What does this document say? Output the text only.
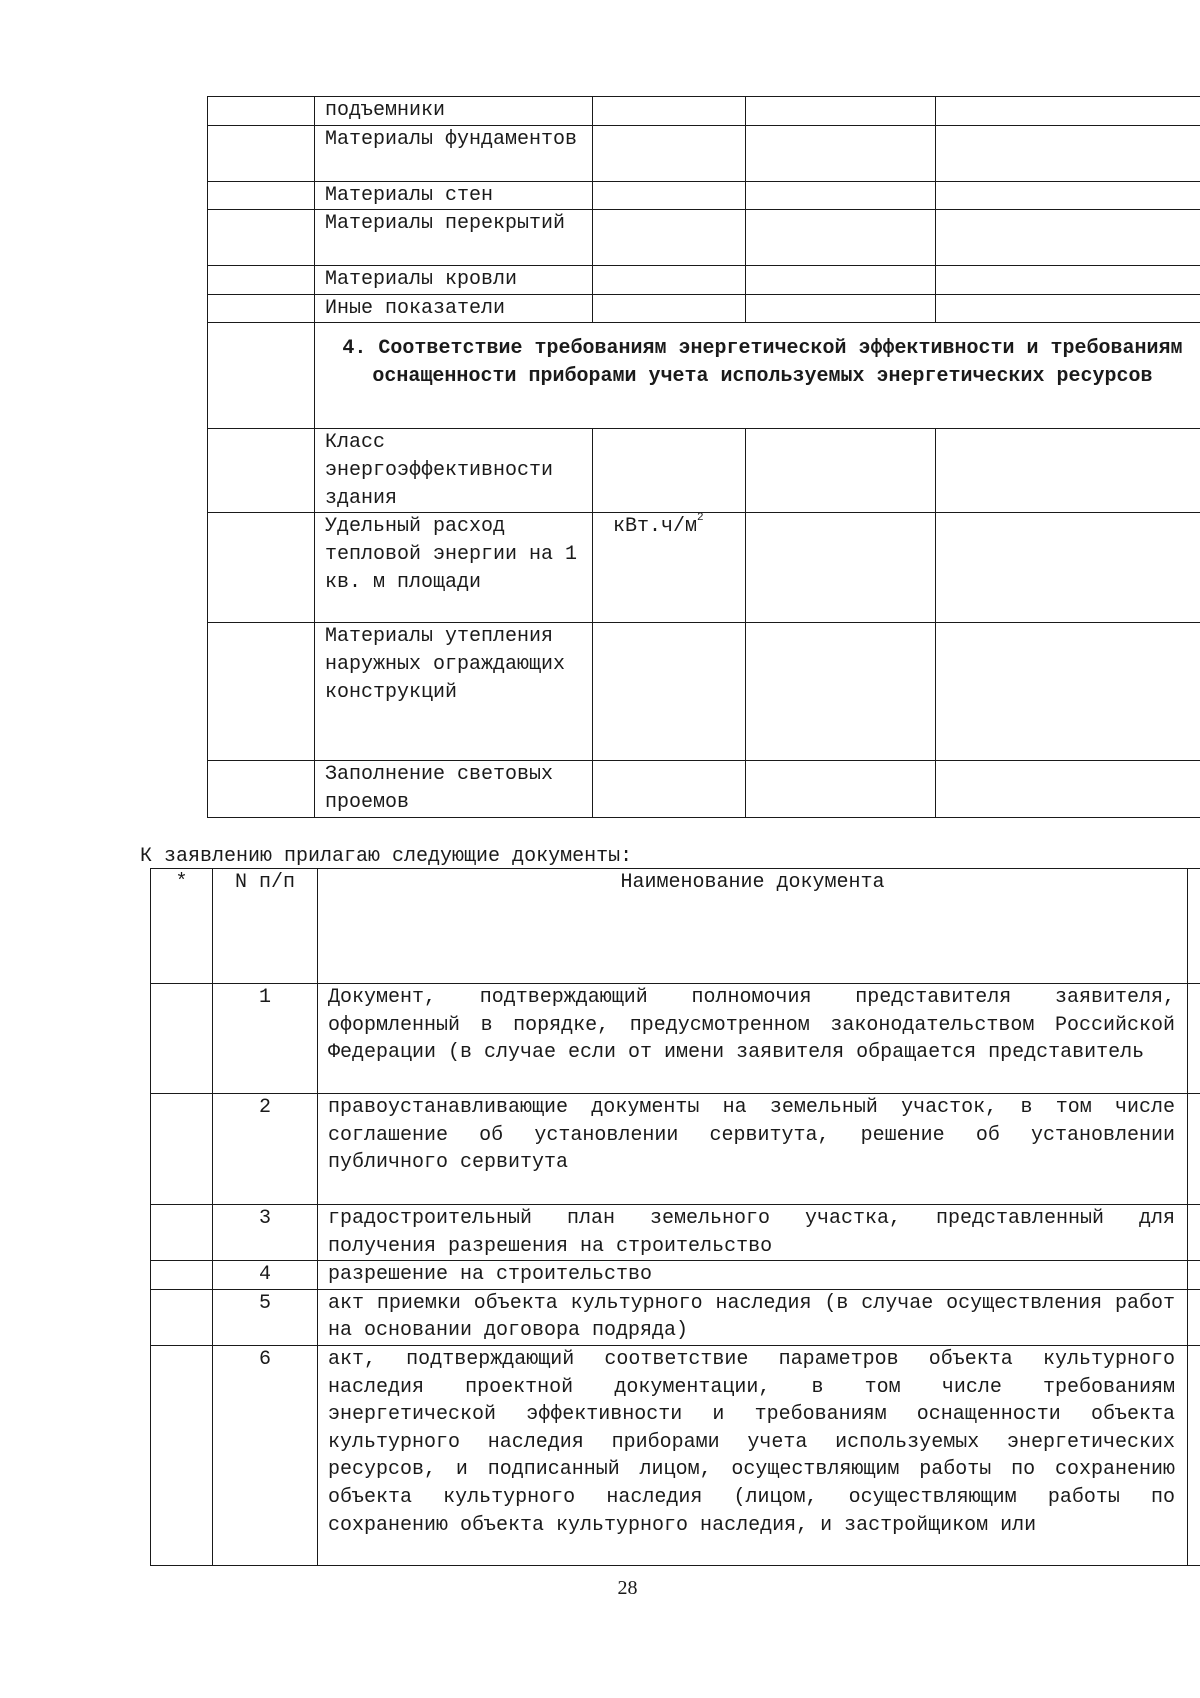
	подъемники			
	Материалы фундаментов			
	Материалы стен			
	Материалы перекрытий			
	Материалы кровли			
	Иные показатели			
	4. Соответствие требованиям энергетической эффективности и требованиям оснащенности приборами учета используемых энергетических ресурсов			
	Класс энергоэффективности здания			
	Удельный расход тепловой энергии на 1 кв. м площади	$кВт.ч/м^2$		
	Материалы утепления наружных ограждающих конструкций			
	Заполнение световых проемов			
К заявлению прилагаю следующие документы:
*	N п/п	Наименование документа	
	1	Документ, подтверждающий полномочия представителя заявителя, оформленный в порядке, предусмотренном законодательством Российской Федерации (в случае если от имени заявителя обращается представитель	
	2	правоустанавливающие документы на земельный участок, в том числе соглашение об установлении сервитута, решение об установлении публичного сервитута	
	3	градостроительный план земельного участка, представленный для получения разрешения на строительство	
	4	разрешение на строительство	
	5	акт приемки объекта культурного наследия (в случае осуществления работ на основании договора подряда)	
	6	акт, подтверждающий соответствие параметров объекта культурного наследия проектной документации, в том числе требованиям энергетической эффективности и требованиям оснащенности объекта культурного наследия приборами учета используемых энергетических ресурсов, и подписанный лицом, осуществляющим работы по сохранению объекта культурного наследия (лицом, осуществляющим работы по сохранению объекта культурного наследия, и застройщиком или	
28
